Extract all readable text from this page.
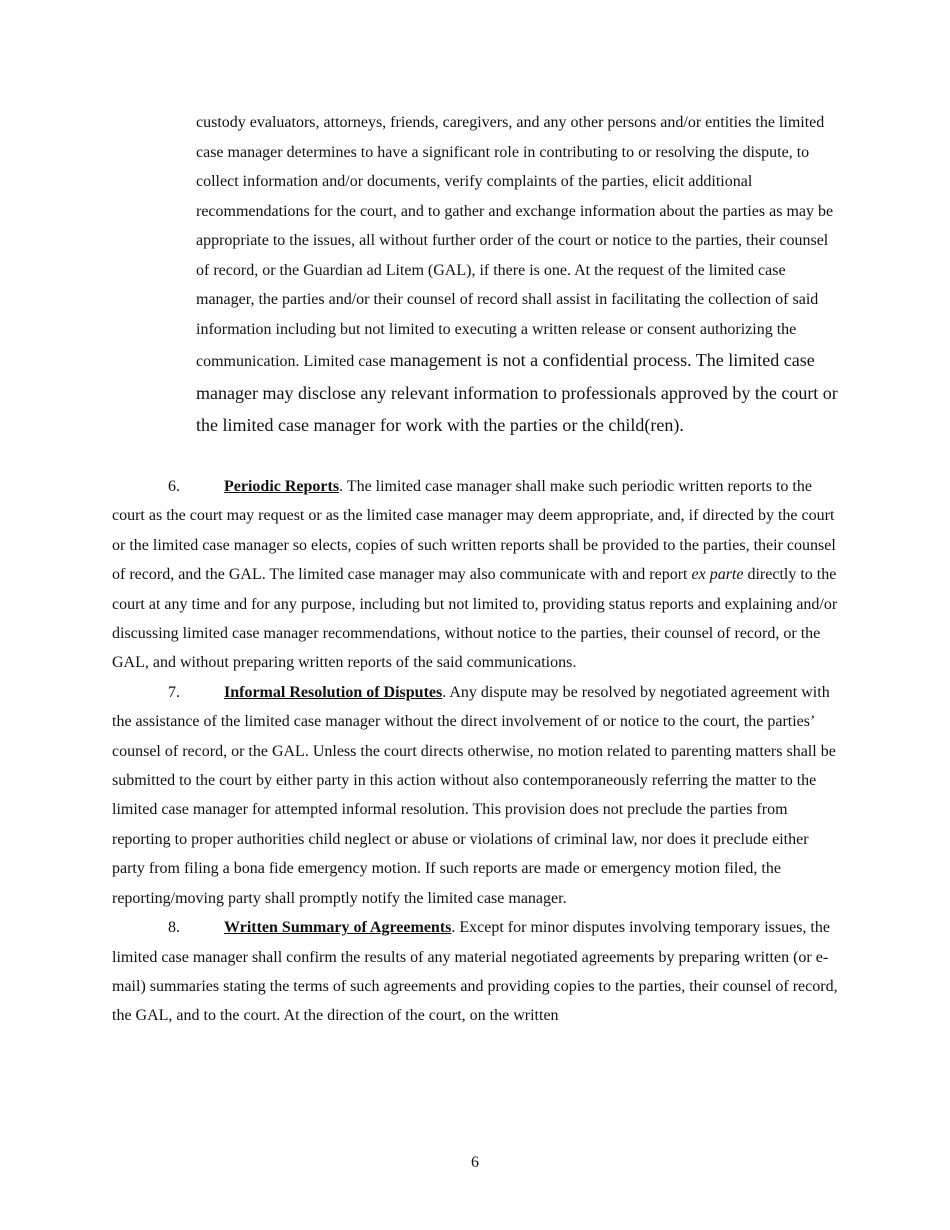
custody evaluators, attorneys, friends, caregivers, and any other persons and/or entities the limited case manager determines to have a significant role in contributing to or resolving the dispute, to collect information and/or documents, verify complaints of the parties, elicit additional recommendations for the court, and to gather and exchange information about the parties as may be appropriate to the issues, all without further order of the court or notice to the parties, their counsel of record, or the Guardian ad Litem (GAL), if there is one. At the request of the limited case manager, the parties and/or their counsel of record shall assist in facilitating the collection of said information including but not limited to executing a written release or consent authorizing the communication. Limited case management is not a confidential process. The limited case manager may disclose any relevant information to professionals approved by the court or the limited case manager for work with the parties or the child(ren).

6.	Periodic Reports. The limited case manager shall make such periodic written reports to the court as the court may request or as the limited case manager may deem appropriate, and, if directed by the court or the limited case manager so elects, copies of such written reports shall be provided to the parties, their counsel of record, and the GAL. The limited case manager may also communicate with and report ex parte directly to the court at any time and for any purpose, including but not limited to, providing status reports and explaining and/or discussing limited case manager recommendations, without notice to the parties, their counsel of record, or the GAL, and without preparing written reports of the said communications.

7.	Informal Resolution of Disputes. Any dispute may be resolved by negotiated agreement with the assistance of the limited case manager without the direct involvement of or notice to the court, the parties’ counsel of record, or the GAL. Unless the court directs otherwise, no motion related to parenting matters shall be submitted to the court by either party in this action without also contemporaneously referring the matter to the limited case manager for attempted informal resolution. This provision does not preclude the parties from reporting to proper authorities child neglect or abuse or violations of criminal law, nor does it preclude either party from filing a bona fide emergency motion. If such reports are made or emergency motion filed, the reporting/moving party shall promptly notify the limited case manager.

8.	Written Summary of Agreements. Except for minor disputes involving temporary issues, the limited case manager shall confirm the results of any material negotiated agreements by preparing written (or e-mail) summaries stating the terms of such agreements and providing copies to the parties, their counsel of record, the GAL, and to the court. At the direction of the court, on the written

6
